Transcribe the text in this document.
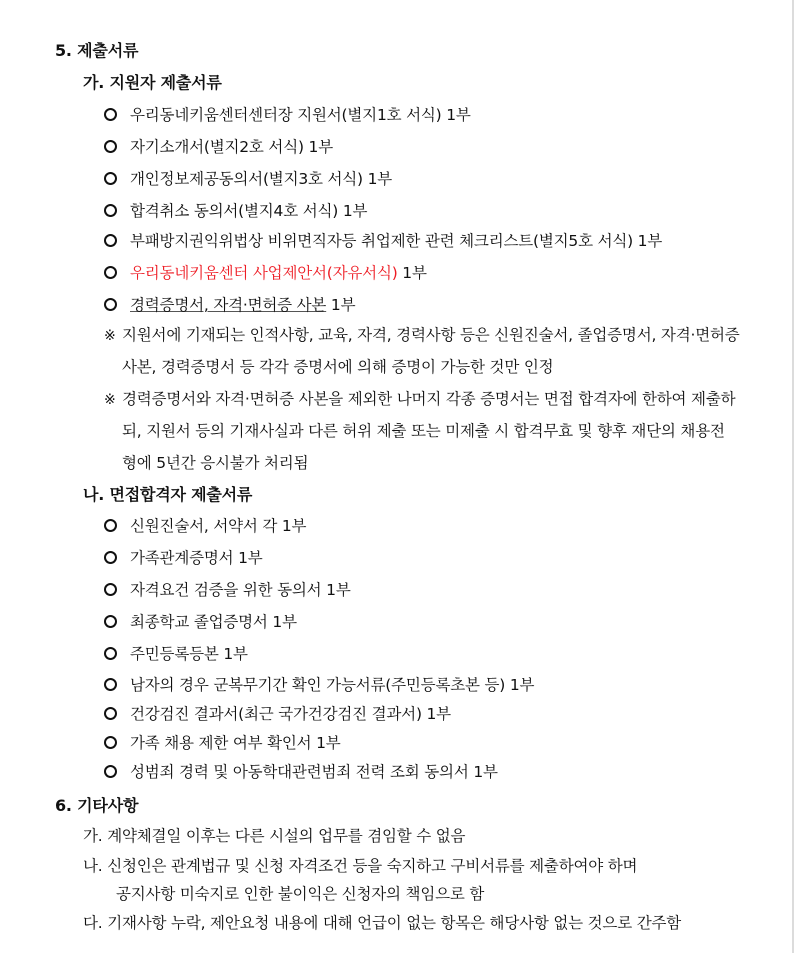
5. 제출서류
가. 지원자 제출서류
우리동네키움센터센터장 지원서(별지1호 서식) 1부
자기소개서(별지2호 서식) 1부
개인정보제공동의서(별지3호 서식) 1부
합격취소 동의서(별지4호 서식) 1부
부패방지권익위법상 비위면직자등 취업제한 관련 체크리스트(별지5호 서식) 1부
우리동네키움센터 사업제안서(자유서식) 1부
경력증명서, 자격·면허증 사본 1부
※ 지원서에 기재되는 인적사항, 교육, 자격, 경력사항 등은 신원진술서, 졸업증명서, 자격·면허증
사본, 경력증명서 등 각각 증명서에 의해 증명이 가능한 것만 인정
※ 경력증명서와 자격·면허증 사본을 제외한 나머지 각종 증명서는 면접 합격자에 한하여 제출하
되, 지원서 등의 기재사실과 다른 허위 제출 또는 미제출 시 합격무효 및 향후 재단의 채용전
형에 5년간 응시불가 처리됨
나. 면접합격자 제출서류
신원진술서, 서약서 각 1부
가족관계증명서 1부
자격요건 검증을 위한 동의서 1부
최종학교 졸업증명서 1부
주민등록등본 1부
남자의 경우 군복무기간 확인 가능서류(주민등록초본 등) 1부
건강검진 결과서(최근 국가건강검진 결과서) 1부
가족 채용 제한 여부 확인서 1부
성범죄 경력 및 아동학대관련범죄 전력 조회 동의서 1부
6. 기타사항
가. 계약체결일 이후는 다른 시설의 업무를 겸임할 수 없음
나. 신청인은 관계법규 및 신청 자격조건 등을 숙지하고 구비서류를 제출하여야 하며
공지사항 미숙지로 인한 불이익은 신청자의 책임으로 함
다. 기재사항 누락, 제안요청 내용에 대해 언급이 없는 항목은 해당사항 없는 것으로 간주함
